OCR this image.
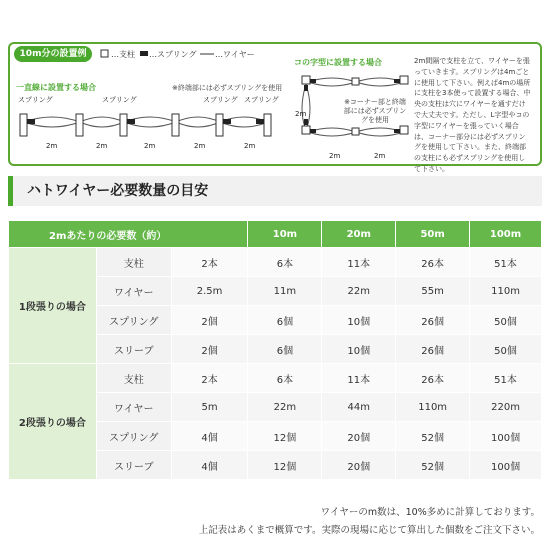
10m分の設置例	…支柱 …スプリング …ワイヤー
一直線に設置する場合	※終端部には必ずスプリングを使用
スプリング	スプリング	スプリング スプリング
2m	2m	2m	2m	2m
コの字型に設置する場合
※コーナー部と終端部には必ずスプリングを使用
2m	2m
2m
2m間隔で支柱を立て、ワイヤーを張っていきます。スプリングは4mごとに使用して下さい。例えば4mの場所に支柱を3本使って設置する場合、中央の支柱は穴にワイヤーを通すだけで大丈夫です。ただし、L字型やコの字型にワイヤーを張っていく場合は、コーナー部分には必ずスプリングを使用して下さい。また、終端部の支柱にも必ずスプリングを使用して下さい。
ハトワイヤー必要数量の目安
2mあたりの必要数（約）			10m	20m	50m	100m
1段張りの場合	支柱	2本	6本	11本	26本	51本
	ワイヤー	2.5m	11m	22m	55m	110m
	スプリング	2個	6個	10個	26個	50個
	スリーブ	2個	6個	10個	26個	50個
2段張りの場合	支柱	2本	6本	11本	26本	51本
	ワイヤー	5m	22m	44m	110m	220m
	スプリング	4個	12個	20個	52個	100個
	スリーブ	4個	12個	20個	52個	100個
ワイヤーのm数は、10%多めに計算しております。
上記表はあくまで概算です。実際の現場に応じて算出した個数をご注文下さい。
